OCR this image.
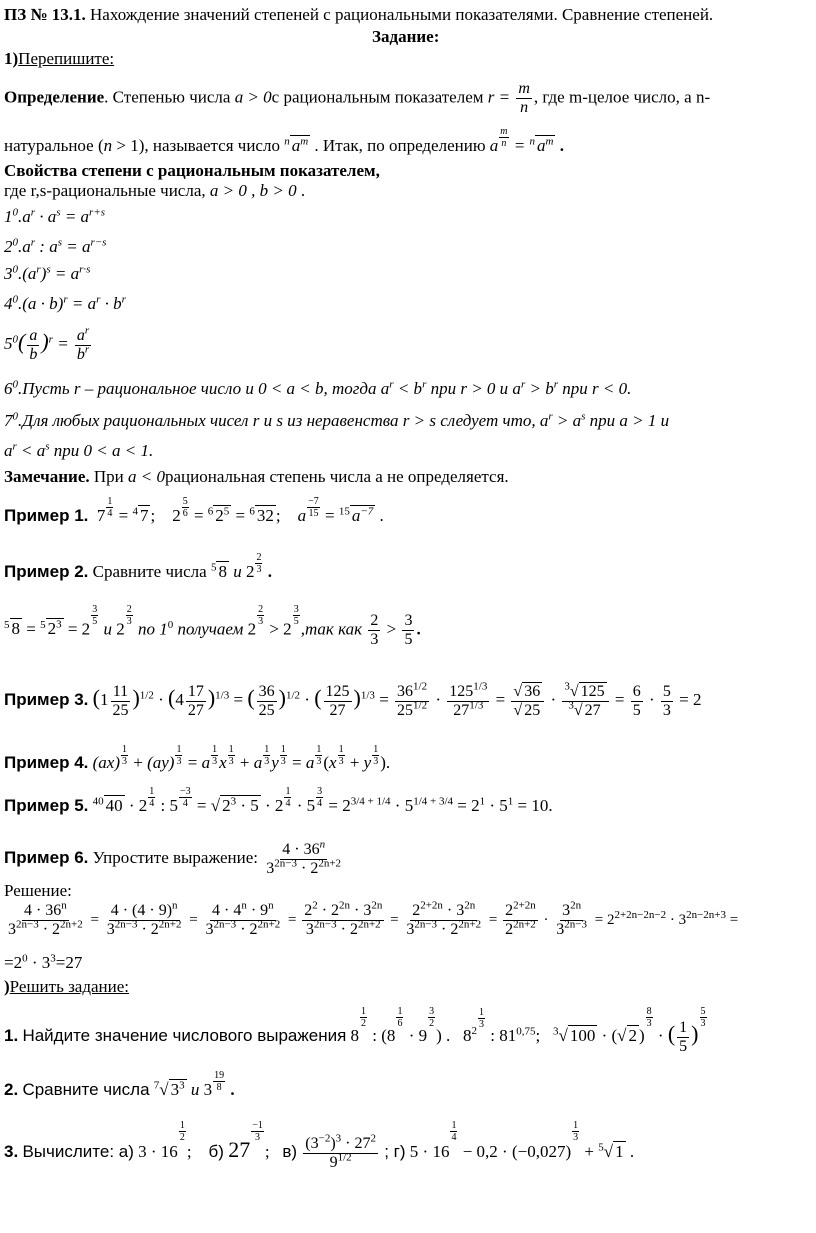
ПЗ № 13.1. Нахождение значений степеней с рациональными показателями. Сравнение степеней.
Задание:
1)Перепишите:
Определение. Степенью числа a > 0с рациональным показателем $r = \frac{m}{n}$ , где m-целое число, а n-
натуральное (n > 1), называется число $^n$ $a^m$ . Итак, по определению a $\frac{m}{n} = ^n$ $a^m$ .
Свойства степени с рациональным показателем,
где r,s-рациональные числа, a > 0 , b > 0 .
$1^0.a^r \cdot a^s = a^{r+s}$
$2^0.a^r$ : $a^s = a^{r-s}$
$3^0.(a^r)^s = a^{r\cdot s}$
$4^0.(a \cdot b)^r = a^r \cdot b^r$
$5^0( \frac{a}{b} )^r = \frac{a^r}{b^r}$
$6^0.Пусть$ r – рациональное число и 0 < a < b, тогда $a^r < b^r$ при r > 0 и $a^r > b^r$ при r < 0.
$7^0.Для$ любых рациональных чисел r и s из неравенства r > s следует что, $a^r > a^s$ при a > 1 и
$a^r < a^s$ при 0 < a < 1.
Замечание. При a < 0рациональная степень числа a не определяется.
Пример 1.  $7 \frac{1}{4} = ^4$ 7 ;    $2 \frac{5}{6} = ^6$ $2^5 = ^6$ 32 ;    a $\frac{-7}{15} = ^{15}$ $a^{-7}$ .
Пример 2. Сравните числа $^5$ 8 и $2 \frac{2}{3}$ .
$^5$ 8 = $^5$ $2^3 = 2$
$\frac{3}{5}$
и 2
$\frac{2}{3}$
по $1^0$ получаем 2
$\frac{2}{3}$
> 2
$\frac{3}{5}$
,так как $\frac{2}{3} > \frac{3}{5}$ .
Пример 3. $(1 \frac{11}{25} )^{1/2} \cdot (4 \frac{17}{27} )^{1/3}$ = ( $\frac{36}{25} )^{1/2}$ · ( $\frac{125}{27} )^{1/3} = \frac{36^{1/2}}{25^{1/2}} \cdot \frac{125^{1/3}}{27^{1/3}} = \frac{√ 36}{√ 25} \cdot \frac{^3√ 125}{^3√ 27} = \frac{6}{5} \cdot \frac{5}{3} = 2$
Пример 4. $(ax) \frac{1}{3} + (ay) \frac{1}{3} = a \frac{1}{3}$ x $\frac{1}{3} + a \frac{1}{3}$ y $\frac{1}{3} = a \frac{1}{3} (x \frac{1}{3} + y \frac{1}{3}$ ).
Пример 5. $^{40}$ $40 \cdot 2 \frac{1}{4}$ : $5 \frac{-3}{4}$ = √ $2^3 \cdot 5 \cdot 2 \frac{1}{4} \cdot 5 \frac{3}{4} = 2^{3/4 + 1/4} \cdot 5^{1/4 + 3/4} = 2^1 \cdot 5^1 = 10$.
Пример 6. Упростите выражение: $\frac{4 \cdot 36^n}{3^{2n-3} \cdot 2^{2n+2}}$
Решение:
$\frac{4 \cdot 36^n}{3^{2n-3} \cdot 2^{2n+2}} = \frac{4 \cdot (4 \cdot 9)^n}{3^{2n-3} \cdot 2^{2n+2}} = \frac{4 \cdot 4^n \cdot 9^n}{3^{2n-3} \cdot 2^{2n+2}} = \frac{2^2 \cdot 2^{2n} \cdot 3^{2n}}{3^{2n-3} \cdot 2^{2n+2}} = \frac{2^{2+2n} \cdot 3^{2n}}{3^{2n-3} \cdot 2^{2n+2}} = \frac{2^{2+2n}}{2^{2n+2}} \cdot \frac{3^{2n}}{3^{2n-3}} = 2^{2+2n-2n-2} \cdot 3^{2n-2n+3}$ =
$=2^0 \cdot 3^3=27$
)Решить задание:
1. Найдите значение числового выражения 8
$\frac{1}{2}$
: (8
$\frac{1}{6}$
· 9
$\frac{3}{2}$
) .   $8^{2 \frac{1}{3}}$
: 81$^{0,75}$;   $^3$√ 100 · (√ 2 )
$\frac{8}{3}$
· ( $\frac{1}{5}$ )
$\frac{5}{3}$
2. Сравните числа $^7$√ $3^3$ и $3 \frac{19}{8}$ .
3. Вычислите: а) 3 · 16
$\frac{1}{2}$
;    б) 27
$\frac{-1}{3}$
;   $в) \frac{(3^{-2})^3 \cdot 27^2}{9^{1/2}}$ ; г) 5 · 16
$\frac{1}{4}$
− 0,2 · (−0,027)
$\frac{1}{3}$
+ $^5$√ 1 .
